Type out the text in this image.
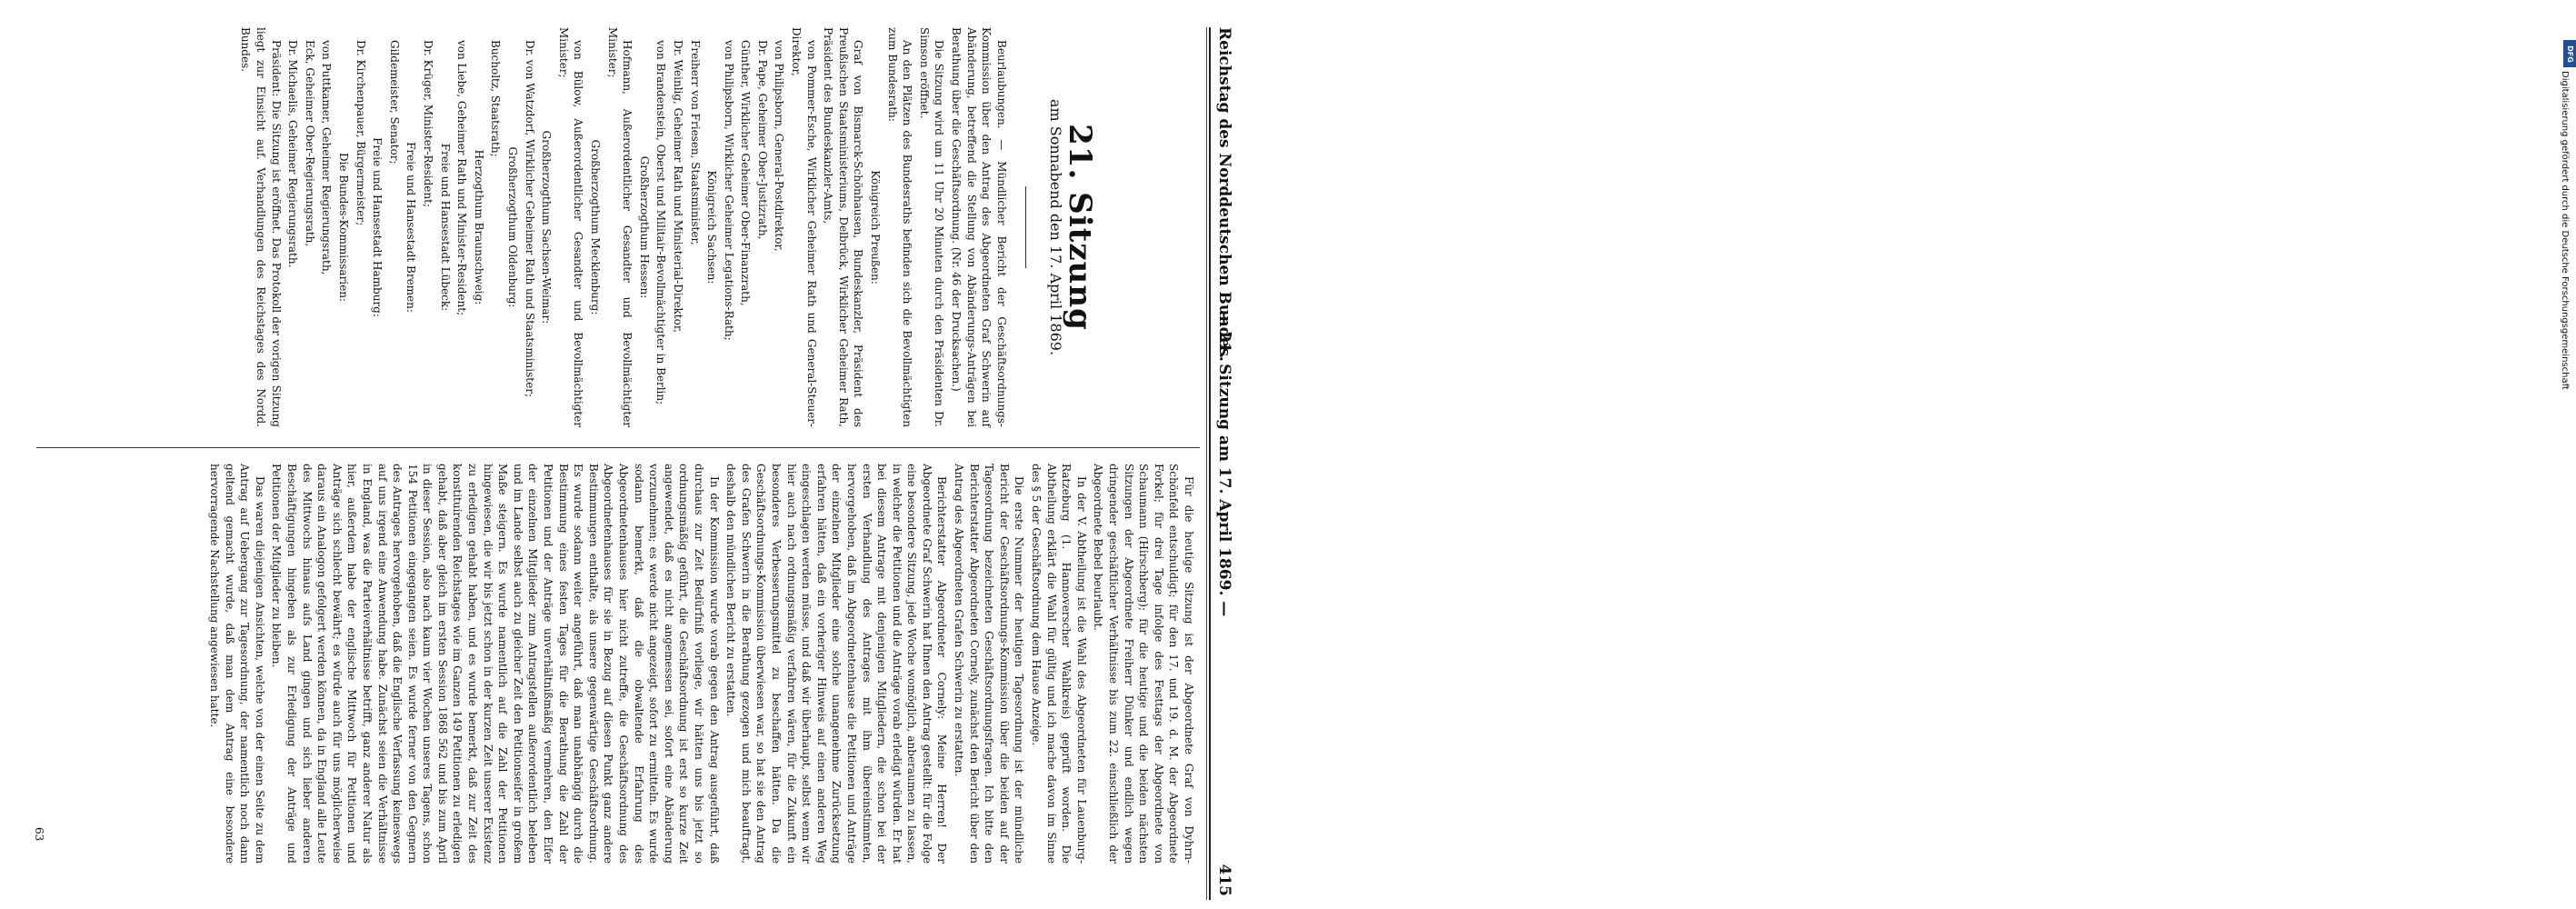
DFG
Digitalisierung gefördert durch die Deutsche Forschungsgemeinschaft
Reichstag des Norddeutschen Bundes.
— 21. Sitzung am 17. April 1869. —
415
21. Sitzung
am Sonnabend den 17. April 1869.

Beurlaubungen. — Mündlicher Bericht der Geschäftsordnungs-Kommission über den Antrag des Abgeordneten Graf Schwerin auf Abänderung, betreffend die Stellung von Abänderungs-Anträgen bei Berathung über die Geschäftsordnung. (Nr. 46 der Drucksachen.)

Die Sitzung wird um 11 Uhr 20 Minuten durch den Präsidenten Dr. Simson eröffnet.

An den Plätzen des Bundesraths befinden sich die Bevollmächtigten zum Bundesrath:

Königreich Preußen:

Graf von Bismarck-Schönhausen, Bundeskanzler, Präsident des Preußischen Staatsministeriums, Delbrück, Wirklicher Geheimer Rath, Präsident des Bundeskanzler-Amts,

von Pommer-Esche, Wirklicher Geheimer Rath und General-Steuer-Direktor,

von Philipsborn, General-Postdirektor,

Dr. Pape, Geheimer Ober-Justizrath,

Günther, Wirklicher Geheimer Ober-Finanzrath,

von Philipsborn, Wirklicher Geheimer Legations-Rath;

Königreich Sachsen:

Freiherr von Friesen, Staatsminister,

Dr. Weinlig, Geheimer Rath und Ministerial-Direktor,

von Brandenstein, Oberst und Militair-Bevollmächtigter in Berlin;

Großherzogthum Hessen:

Hofmann, Außerordentlicher Gesandter und Bevollmächtigter Minister;

Großherzogthum Mecklenburg:

von Bülow, Außerordentlicher Gesandter und Bevollmächtigter Minister;

Großherzogthum Sachsen-Weimar:

Dr. von Watzdorf, Wirklicher Geheimer Rath und Staatsminister;

Großherzogthum Oldenburg:

Bucholtz, Staatsrath;

Herzogthum Braunschweig:

von Liebe, Geheimer Rath und Minister-Resident;

Freie und Hansestadt Lübeck:

Dr. Krüger, Minister-Resident;

Freie und Hansestadt Bremen:

Gildemeister, Senator;

Freie und Hansestadt Hamburg:

Dr. Kirchenpauer, Bürgermeister;

Die Bundes-Kommissarien:

von Puttkamer, Geheimer Regierungsrath,

Eck, Geheimer Ober-Regierungsrath,

Dr. Michaelis, Geheimer Regierungsrath.

Präsident: Die Sitzung ist eröffnet. Das Protokoll der vorigen Sitzung liegt zur Einsicht auf. Verhandlungen des Reichstages des Nordd. Bundes.

Für die heutige Sitzung ist der Abgeordnete Graf von Dyhrn-Schönfeld entschuldigt; für den 17. und 19. d. M. der Abgeordnete Forkel; für drei Tage infolge des Festtags der Abgeordnete von Schaumann (Hirschberg); für die heutige und die beiden nächsten Sitzungen der Abgeordnete Freiherr Dünker und endlich wegen dringender geschäftlicher Verhältnisse bis zum 22. einschließlich der Abgeordnete Bebel beurlaubt.

In der V. Abtheilung ist die Wahl des Abgeordneten für Lauenburg-Ratzeburg (1. Hannoverscher Wahlkreis) geprüft worden. Die Abtheilung erklärt die Wahl für gültig und ich mache davon im Sinne des § 5 der Geschäftsordnung dem Hause Anzeige.

Die erste Nummer der heutigen Tagesordnung ist der mündliche Bericht der Geschäftsordnungs-Kommission über die beiden auf der Tagesordnung bezeichneten Geschäftsordnungsfragen. Ich bitte den Berichterstatter Abgeordneten Cornely, zunächst den Bericht über den Antrag des Abgeordneten Grafen Schwerin zu erstatten.

Berichterstatter Abgeordneter Cornely: Meine Herren! Der Abgeordnete Graf Schwerin hat Ihnen den Antrag gestellt: für die Folge eine besondere Sitzung, jede Woche womöglich, anberaumen zu lassen, in welcher die Petitionen und die Anträge vorab erledigt würden. Er hat bei diesem Antrage mit denjenigen Mitgliedern, die schon bei der ersten Verhandlung des Antrages mit ihm übereinstimmten, hervorgehoben, daß im Abgeordnetenhause die Petitionen und Anträge der einzelnen Mitglieder eine solche unangenehme Zurücksetzung erfahren hätten, daß ein vorheriger Hinweis auf einen anderen Weg eingeschlagen werden müsse, und daß wir überhaupt, selbst wenn wir hier auch nach ordnungsmäßig verfahren wären, für die Zukunft ein besonderes Verbesserungsmittel zu beschaffen hätten. Da die Geschäftsordnungs-Kommission überwiesen war, so hat sie den Antrag des Grafen Schwerin in die Berathung gezogen und mich beauftragt, deshalb den mündlichen Bericht zu erstatten.

In der Kommission wurde vorab gegen den Antrag ausgeführt, daß durchaus zur Zeit Bedürfniß vorliege, wir hätten uns bis jetzt so ordnungsmäßig geführt, die Geschäftsordnung ist erst so kurze Zeit angewendet, daß es nicht angemessen sei, sofort eine Abänderung vorzunehmen; es werde nicht angezeigt, sofort zu ermitteln. Es wurde sodann bemerkt, daß die obwaltende Erfahrung des Abgeordnetenhauses hier nicht zutreffe, die Geschäftsordnung des Abgeordnetenhauses für sie in Bezug auf diesen Punkt ganz andere Bestimmungen enthalte, als unsere gegenwärtige Geschäftsordnung. Es wurde sodann weiter angeführt, daß man unabhängig durch die Bestimmung eines festen Tages für die Berathung die Zahl der Petitionen und der Anträge unverhältnißmäßig vermehren, den Eifer der einzelnen Mitglieder zum Antragstellen außerordentlich beleben und im Lande selbst auch zu gleicher Zeit den Petitionseifer in großem Maße steigern. Es wurde namentlich auf die Zahl der Petitionen hingewiesen, die wir bis jetzt schon in der kurzen Zeit unserer Existenz zu erledigen gehabt haben, und es wurde bemerkt, daß zur Zeit des konstituirenden Reichstages wie im Ganzen 149 Petitionen zu erledigen gehabt, daß aber gleich im ersten Session 1868 562 und bis zum April in dieser Session, also nach kaum vier Wochen unseres Tagens, schon 154 Petitionen eingegangen seien. Es wurde ferner von den Gegnern des Antrages hervorgehoben, daß die Englische Verfassung keineswegs auf uns irgend eine Anwendung habe. Zunächst seien die Verhältnisse in England, was die Parteiverhältnisse betrifft, ganz anderer Natur als hier, außerdem habe der englische Mittwoch für Petitionen und Anträge sich schlecht bewährt; es würde auch für uns möglicherweise daraus ein Analogon gefolgert werden können, da in England alle Leute des Mittwochs hinaus aufs Land gingen und sich lieber anderen Beschäftigungen hingeben als zur Erledigung der Anträge und Petitionen der Mitglieder zu bleiben.

Das waren diejenigen Ansichten, welche von der einen Seite zu dem Antrag auf Uebergang zur Tagesordnung, der namentlich noch dann geltend gemacht wurde, daß man dem Antrag eine besondere hervorragende Nachstellung angewiesen hatte.

63
